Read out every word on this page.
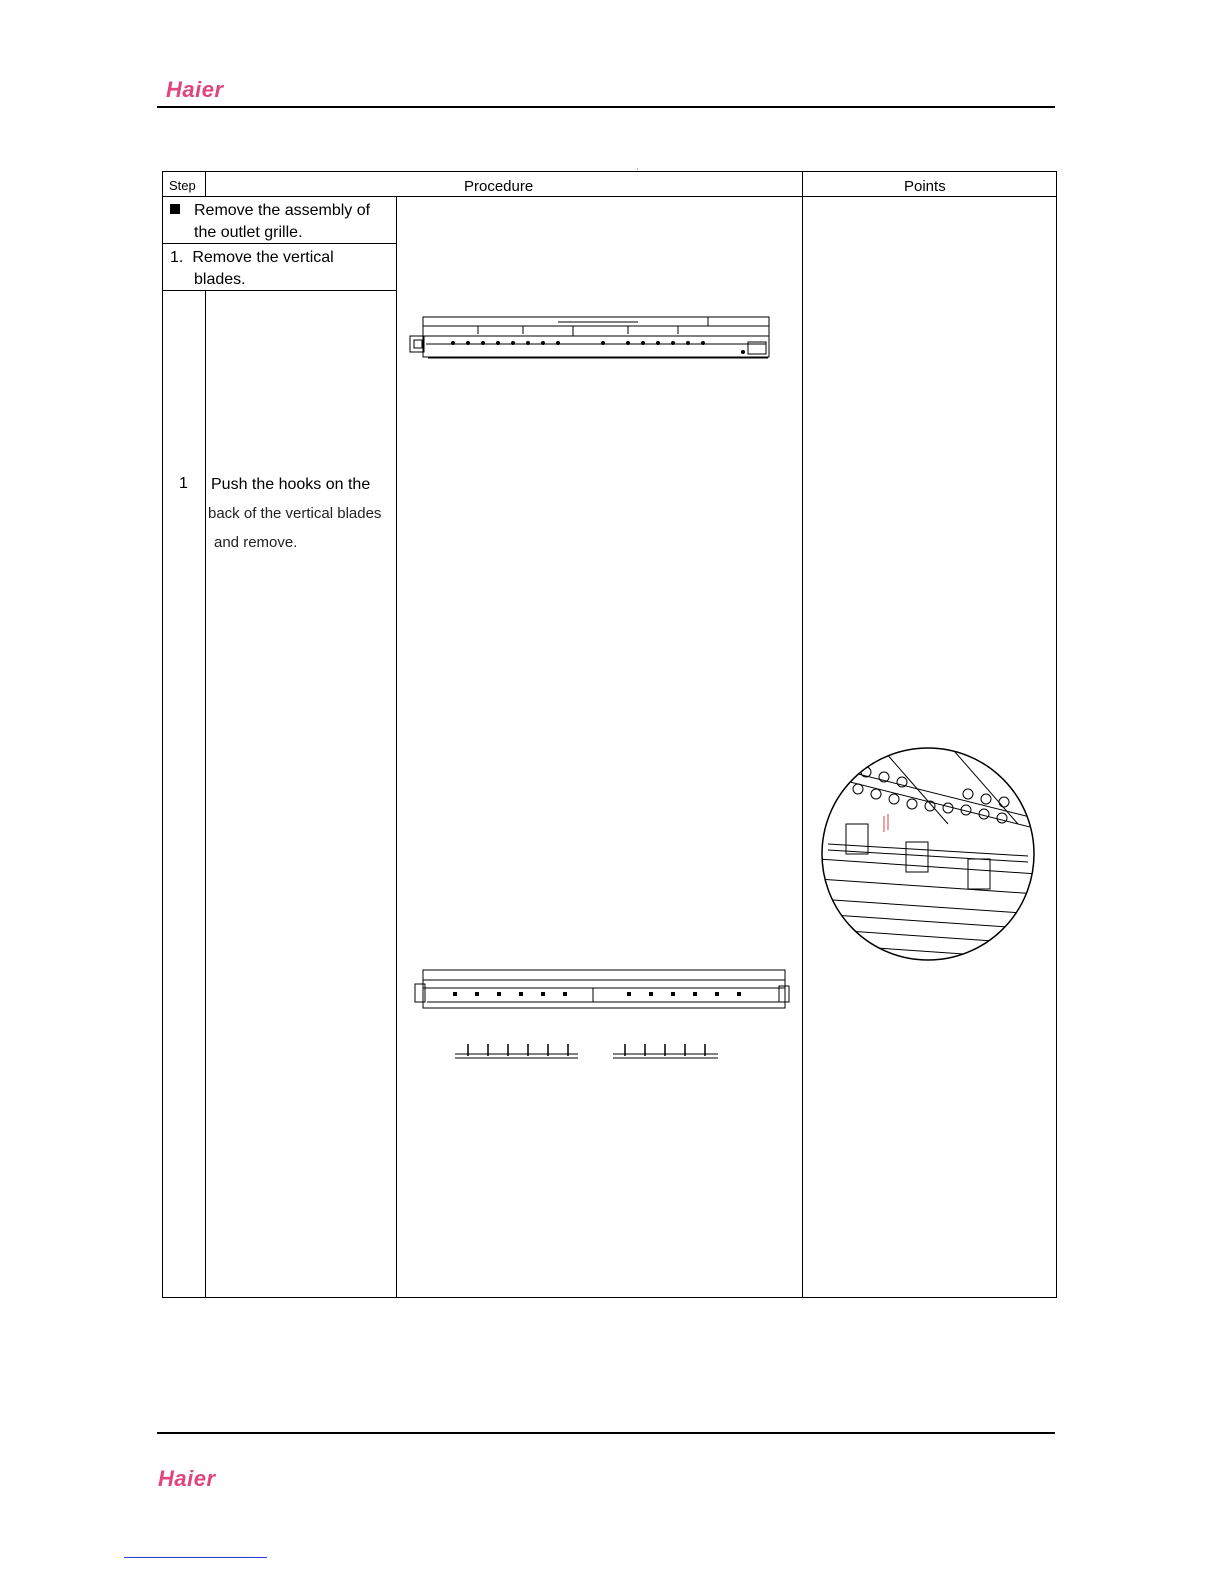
Haier
ˌ
Step	Procedure	Points
Remove the assembly of
the outlet grille.
1. Remove the vertical
blades.
1 Push the hooks on the
back of the vertical blades
and remove.
Haier
